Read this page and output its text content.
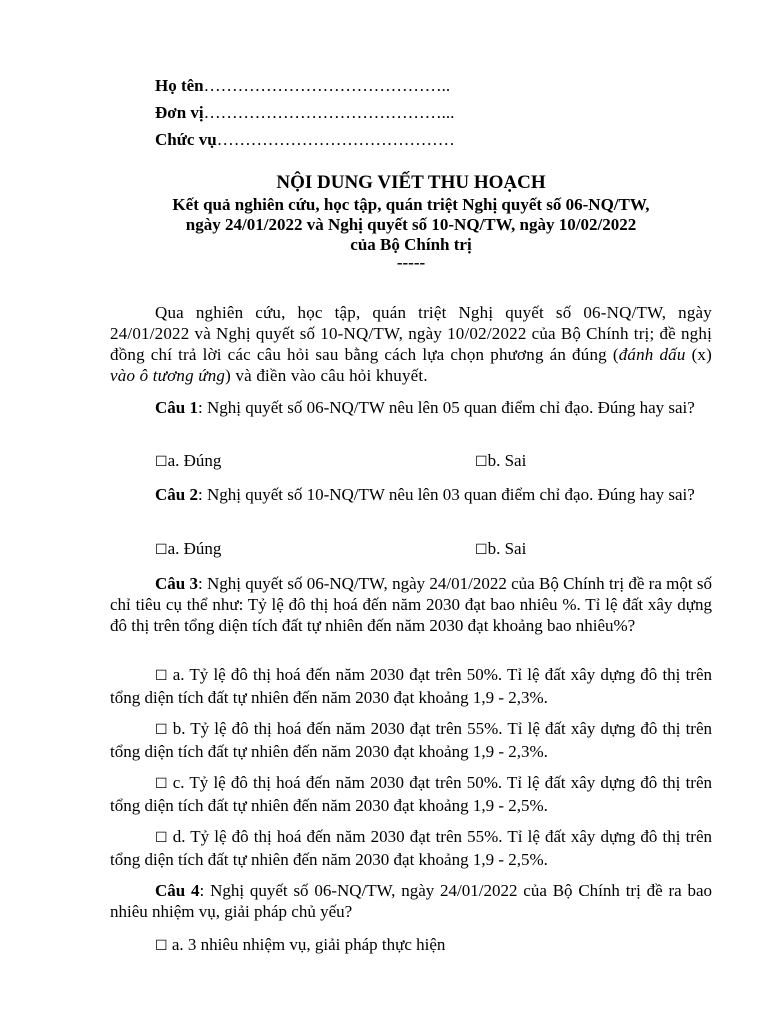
Họ tên……………………………………..
Đơn vị……………………………………...
Chức vụ……………………………………
NỘI DUNG VIẾT THU HOẠCH
Kết quả nghiên cứu, học tập, quán triệt Nghị quyết số 06-NQ/TW,
ngày 24/01/2022 và Nghị quyết số 10-NQ/TW, ngày 10/02/2022
của Bộ Chính trị
-----
Qua nghiên cứu, học tập, quán triệt Nghị quyết số 06-NQ/TW, ngày 24/01/2022 và Nghị quyết số 10-NQ/TW, ngày 10/02/2022 của Bộ Chính trị; đề nghị đồng chí trả lời các câu hỏi sau bằng cách lựa chọn phương án đúng (đánh dấu (x) vào ô tương ứng) và điền vào câu hỏi khuyết.
Câu 1: Nghị quyết số 06-NQ/TW nêu lên 05 quan điểm chỉ đạo. Đúng hay sai?
☐a. Đúng	☐b. Sai
Câu 2: Nghị quyết số 10-NQ/TW nêu lên 03 quan điểm chỉ đạo. Đúng hay sai?
☐a. Đúng	☐b. Sai
Câu 3: Nghị quyết số 06-NQ/TW, ngày 24/01/2022 của Bộ Chính trị đề ra một số chỉ tiêu cụ thể như: Tỷ lệ đô thị hoá đến năm 2030 đạt bao nhiêu %. Tỉ lệ đất xây dựng đô thị trên tổng diện tích đất tự nhiên đến năm 2030 đạt khoảng bao nhiêu%?
☐ a. Tỷ lệ đô thị hoá đến năm 2030 đạt trên 50%. Tỉ lệ đất xây dựng đô thị trên tổng diện tích đất tự nhiên đến năm 2030 đạt khoảng 1,9 - 2,3%.
☐ b. Tỷ lệ đô thị hoá đến năm 2030 đạt trên 55%. Tỉ lệ đất xây dựng đô thị trên tổng diện tích đất tự nhiên đến năm 2030 đạt khoảng 1,9 - 2,3%.
☐ c. Tỷ lệ đô thị hoá đến năm 2030 đạt trên 50%. Tỉ lệ đất xây dựng đô thị trên tổng diện tích đất tự nhiên đến năm 2030 đạt khoảng 1,9 - 2,5%.
☐ d. Tỷ lệ đô thị hoá đến năm 2030 đạt trên 55%. Tỉ lệ đất xây dựng đô thị trên tổng diện tích đất tự nhiên đến năm 2030 đạt khoảng 1,9 - 2,5%.
Câu 4: Nghị quyết số 06-NQ/TW, ngày 24/01/2022 của Bộ Chính trị đề ra bao nhiêu nhiệm vụ, giải pháp chủ yếu?
☐ a. 3 nhiêu nhiệm vụ, giải pháp thực hiện
